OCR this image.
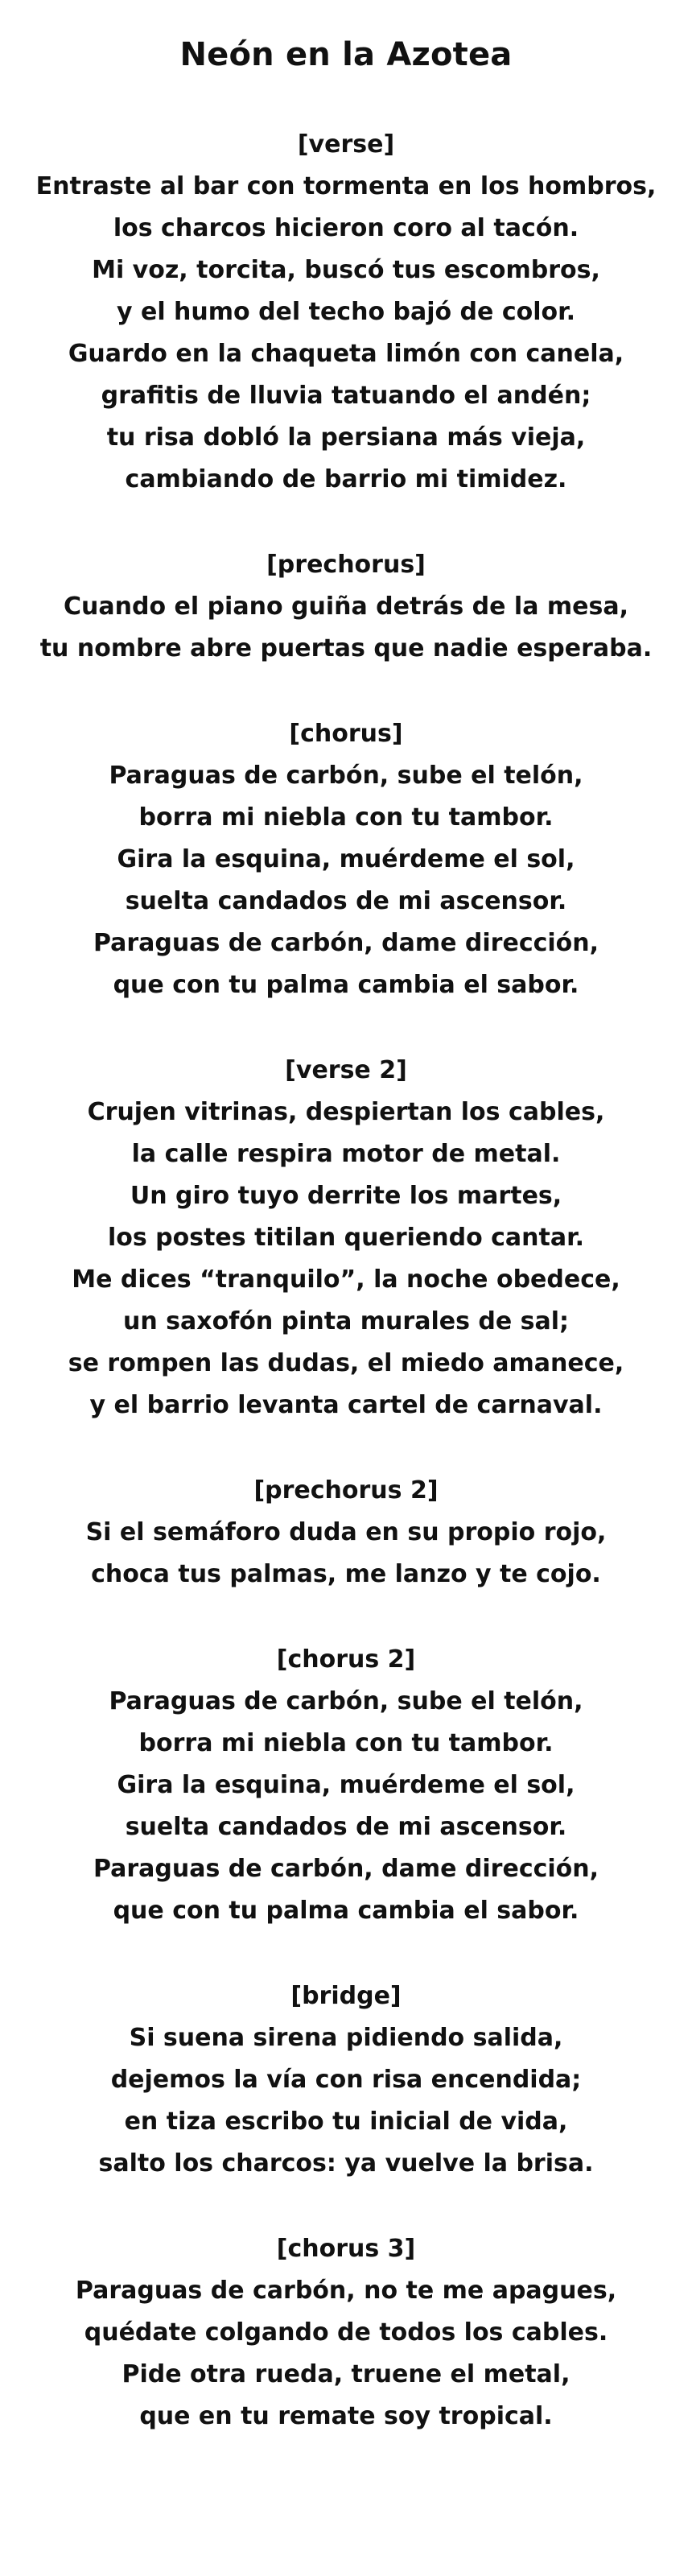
Neón en la Azotea

[verse]

Entraste al bar con tormenta en los hombros,

los charcos hicieron coro al tacón.

Mi voz, torcita, buscó tus escombros,

y el humo del techo bajó de color.

Guardo en la chaqueta limón con canela,

grafitis de lluvia tatuando el andén;

tu risa dobló la persiana más vieja,

cambiando de barrio mi timidez.

[prechorus]

Cuando el piano guiña detrás de la mesa,

tu nombre abre puertas que nadie esperaba.

[chorus]

Paraguas de carbón, sube el telón,

borra mi niebla con tu tambor.

Gira la esquina, muérdeme el sol,

suelta candados de mi ascensor.

Paraguas de carbón, dame dirección,

que con tu palma cambia el sabor.

[verse 2]

Crujen vitrinas, despiertan los cables,

la calle respira motor de metal.

Un giro tuyo derrite los martes,

los postes titilan queriendo cantar.

Me dices “tranquilo”, la noche obedece,

un saxofón pinta murales de sal;

se rompen las dudas, el miedo amanece,

y el barrio levanta cartel de carnaval.

[prechorus 2]

Si el semáforo duda en su propio rojo,

choca tus palmas, me lanzo y te cojo.

[chorus 2]

Paraguas de carbón, sube el telón,

borra mi niebla con tu tambor.

Gira la esquina, muérdeme el sol,

suelta candados de mi ascensor.

Paraguas de carbón, dame dirección,

que con tu palma cambia el sabor.

[bridge]

Si suena sirena pidiendo salida,

dejemos la vía con risa encendida;

en tiza escribo tu inicial de vida,

salto los charcos: ya vuelve la brisa.

[chorus 3]

Paraguas de carbón, no te me apagues,

quédate colgando de todos los cables.

Pide otra rueda, truene el metal,

que en tu remate soy tropical.
